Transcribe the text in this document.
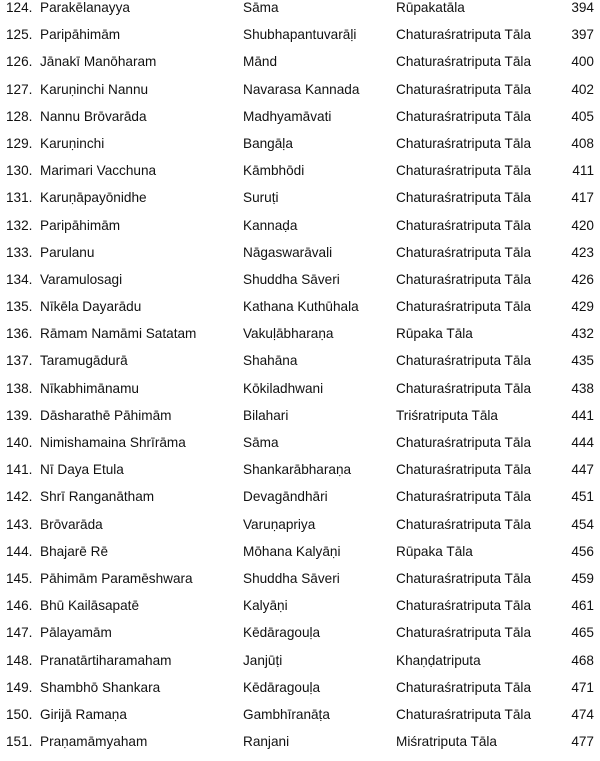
124. Parakēlanayya	Sāma	Rūpakatāla	394
125. Paripāhimām	Shubhapantuvarāḷi	Chaturaśratriputa Tāla	397
126. Jānakī Manōharam	Mānd	Chaturaśratriputa Tāla	400
127. Karuṇinchi Nannu	Navarasa Kannada	Chaturaśratriputa Tāla	402
128. Nannu Brōvarāda	Madhyamāvati	Chaturaśratriputa Tāla	405
129. Karuṇinchi	Bangāḷa	Chaturaśratriputa Tāla	408
130. Marimari Vacchuna	Kāmbhōdi	Chaturaśratriputa Tāla	411
131. Karuṇāpayōnidhe	Suruṭi	Chaturaśratriputa Tāla	417
132. Paripāhimām	Kannaḍa	Chaturaśratriputa Tāla	420
133. Parulanu	Nāgaswarāvali	Chaturaśratriputa Tāla	423
134. Varamulosagi	Shuddha Sāveri	Chaturaśratriputa Tāla	426
135. Nīkēla Dayarādu	Kathana Kuthūhala	Chaturaśratriputa Tāla	429
136. Rāmam Namāmi Satatam	Vakuḷābharaṇa	Rūpaka Tāla	432
137. Taramugādurā	Shahāna	Chaturaśratriputa Tāla	435
138. Nīkabhimānamu	Kōkiladhwani	Chaturaśratriputa Tāla	438
139. Dāsharathē Pāhimām	Bilahari	Triśratriputa Tāla	441
140. Nimishamaina Shrīrāma	Sāma	Chaturaśratriputa Tāla	444
141. Nī Daya Etula	Shankarābharaṇa	Chaturaśratriputa Tāla	447
142. Shrī Ranganātham	Devagāndhāri	Chaturaśratriputa Tāla	451
143. Brōvarāda	Varuṇapriya	Chaturaśratriputa Tāla	454
144. Bhajarē Rē	Mōhana Kalyāṇi	Rūpaka Tāla	456
145. Pāhimām Paramēshwara	Shuddha Sāveri	Chaturaśratriputa Tāla	459
146. Bhū Kailāsapatē	Kalyāṇi	Chaturaśratriputa Tāla	461
147. Pālayamām	Kēdāragouḷa	Chaturaśratriputa Tāla	465
148. Pranatārtiharamaham	Janjūṭi	Khaṇḍatriputa	468
149. Shambhō Shankara	Kēdāragouḷa	Chaturaśratriputa Tāla	471
150. Girijā Ramaṇa	Gambhīranāṭa	Chaturaśratriputa Tāla	474
151. Praṇamāmyaham	Ranjani	Miśratriputa Tāla	477
